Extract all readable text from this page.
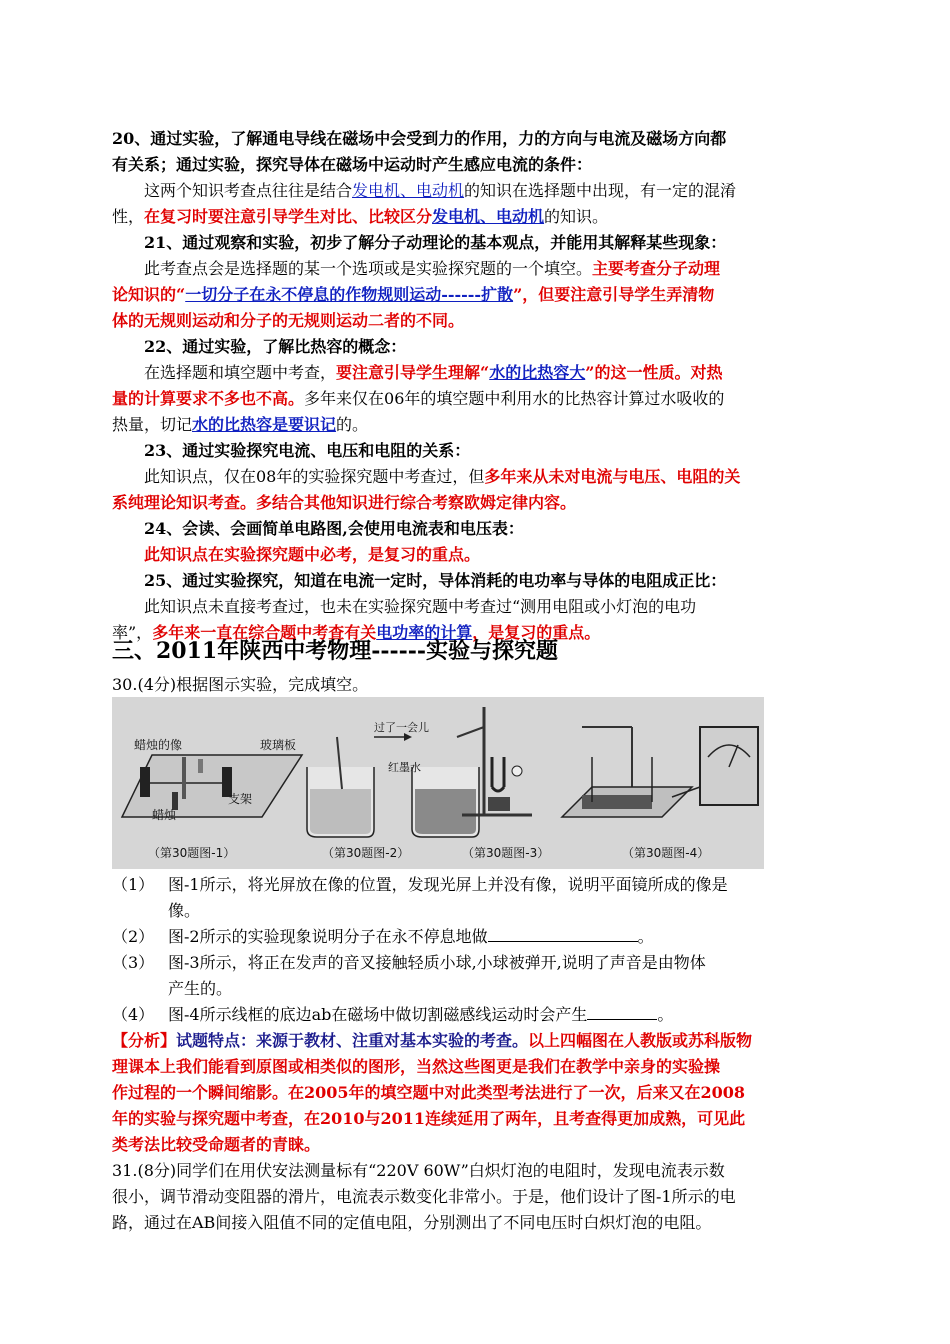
20、通过实验，了解通电导线在磁场中会受到力的作用，力的方向与电流及磁场方向都
有关系；通过实验，探究导体在磁场中运动时产生感应电流的条件：
这两个知识考查点往往是结合发电机、电动机的知识在选择题中出现，有一定的混淆
性，在复习时要注意引导学生对比、比较区分发电机、电动机的知识。
21、通过观察和实验，初步了解分子动理论的基本观点，并能用其解释某些现象：
此考查点会是选择题的某一个选项或是实验探究题的一个填空。主要考查分子动理
论知识的“一切分子在永不停息的作物规则运动------扩散”，但要注意引导学生弄清物
体的无规则运动和分子的无规则运动二者的不同。
22、通过实验，了解比热容的概念：
在选择题和填空题中考查，要注意引导学生理解“水的比热容大”的这一性质。对热
量的计算要求不多也不高。多年来仅在06年的填空题中利用水的比热容计算过水吸收的
热量，切记水的比热容是要识记的。
23、通过实验探究电流、电压和电阻的关系：
此知识点，仅在08年的实验探究题中考查过，但多年来从未对电流与电压、电阻的关
系纯理论知识考查。多结合其他知识进行综合考察欧姆定律内容。
24、会读、会画简单电路图,会使用电流表和电压表：
此知识点在实验探究题中必考，是复习的重点。
25、通过实验探究，知道在电流一定时，导体消耗的电功率与导体的电阻成正比：
此知识点未直接考查过，也未在实验探究题中考查过“测用电阻或小灯泡的电功
率”，多年来一直在综合题中考查有关电功率的计算，是复习的重点。
三、2011年陕西中考物理------实验与探究题
30.(4分)根据图示实验，完成填空。
蜡烛的像	玻璃板
蜡烛
支架
过了一会儿
红墨水
（第30题图-1）	（第30题图-2）	（第30题图-3）	（第30题图-4）
（1） 图-1所示，将光屏放在像的位置，发现光屏上并没有像，说明平面镜所成的像是
像。
（2） 图-2所示的实验现象说明分子在永不停息地做	。
（3） 图-3所示，将正在发声的音叉接触轻质小球,小球被弹开,说明了声音是由物体
产生的。
（4） 图-4所示线框的底边ab在磁场中做切割磁感线运动时会产生	。
【分析】试题特点：来源于教材、注重对基本实验的考查。以上四幅图在人教版或苏科版物
理课本上我们能看到原图或相类似的图形，当然这些图更是我们在教学中亲身的实验操
作过程的一个瞬间缩影。在2005年的填空题中对此类型考法进行了一次，后来又在2008
年的实验与探究题中考查，在2010与2011连续延用了两年，且考查得更加成熟，可见此
类考法比较受命题者的青睐。
31.(8分)同学们在用伏安法测量标有“220V 60W”白炽灯泡的电阻时，发现电流表示数
很小，调节滑动变阻器的滑片，电流表示数变化非常小。于是，他们设计了图-1所示的电
路，通过在AB间接入阻值不同的定值电阻，分别测出了不同电压时白炽灯泡的电阻。
